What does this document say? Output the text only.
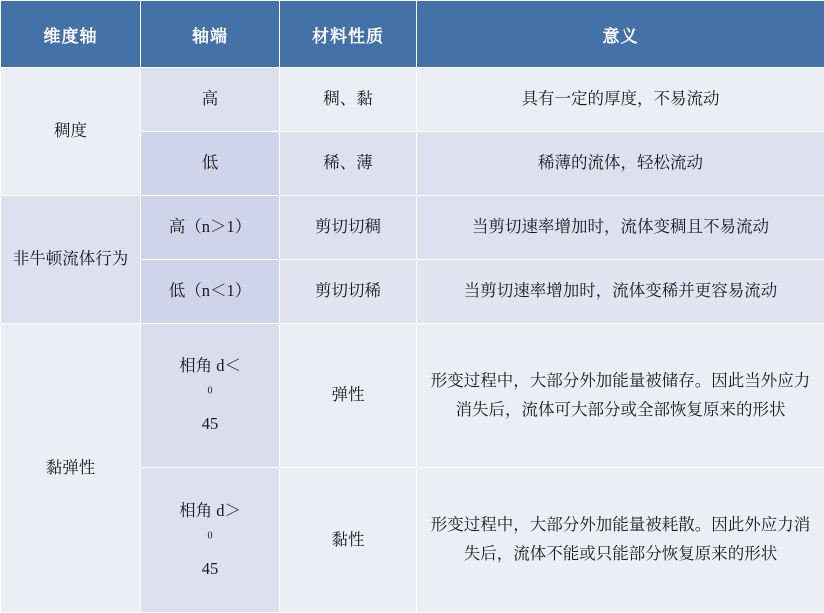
维度轴	轴端	材料性质	意义
稠度	高	稠、黏	具有一定的厚度，不易流动
	低	稀、薄	稀薄的流体，轻松流动
非牛顿流体行为	高（n＞1）	剪切切稠	当剪切速率增加时，流体变稠且不易流动
	低（n＜1）	剪切切稀	当剪切速率增加时，流体变稀并更容易流动
黏弹性	相角 d＜
$^0$
45	弹性	形变过程中，大部分外加能量被储存。因此当外应力消失后，流体可大部分或全部恢复原来的形状

	相角 d＞
$^0$
45	黏性	形变过程中，大部分外加能量被耗散。因此外应力消失后，流体不能或只能部分恢复原来的形状
